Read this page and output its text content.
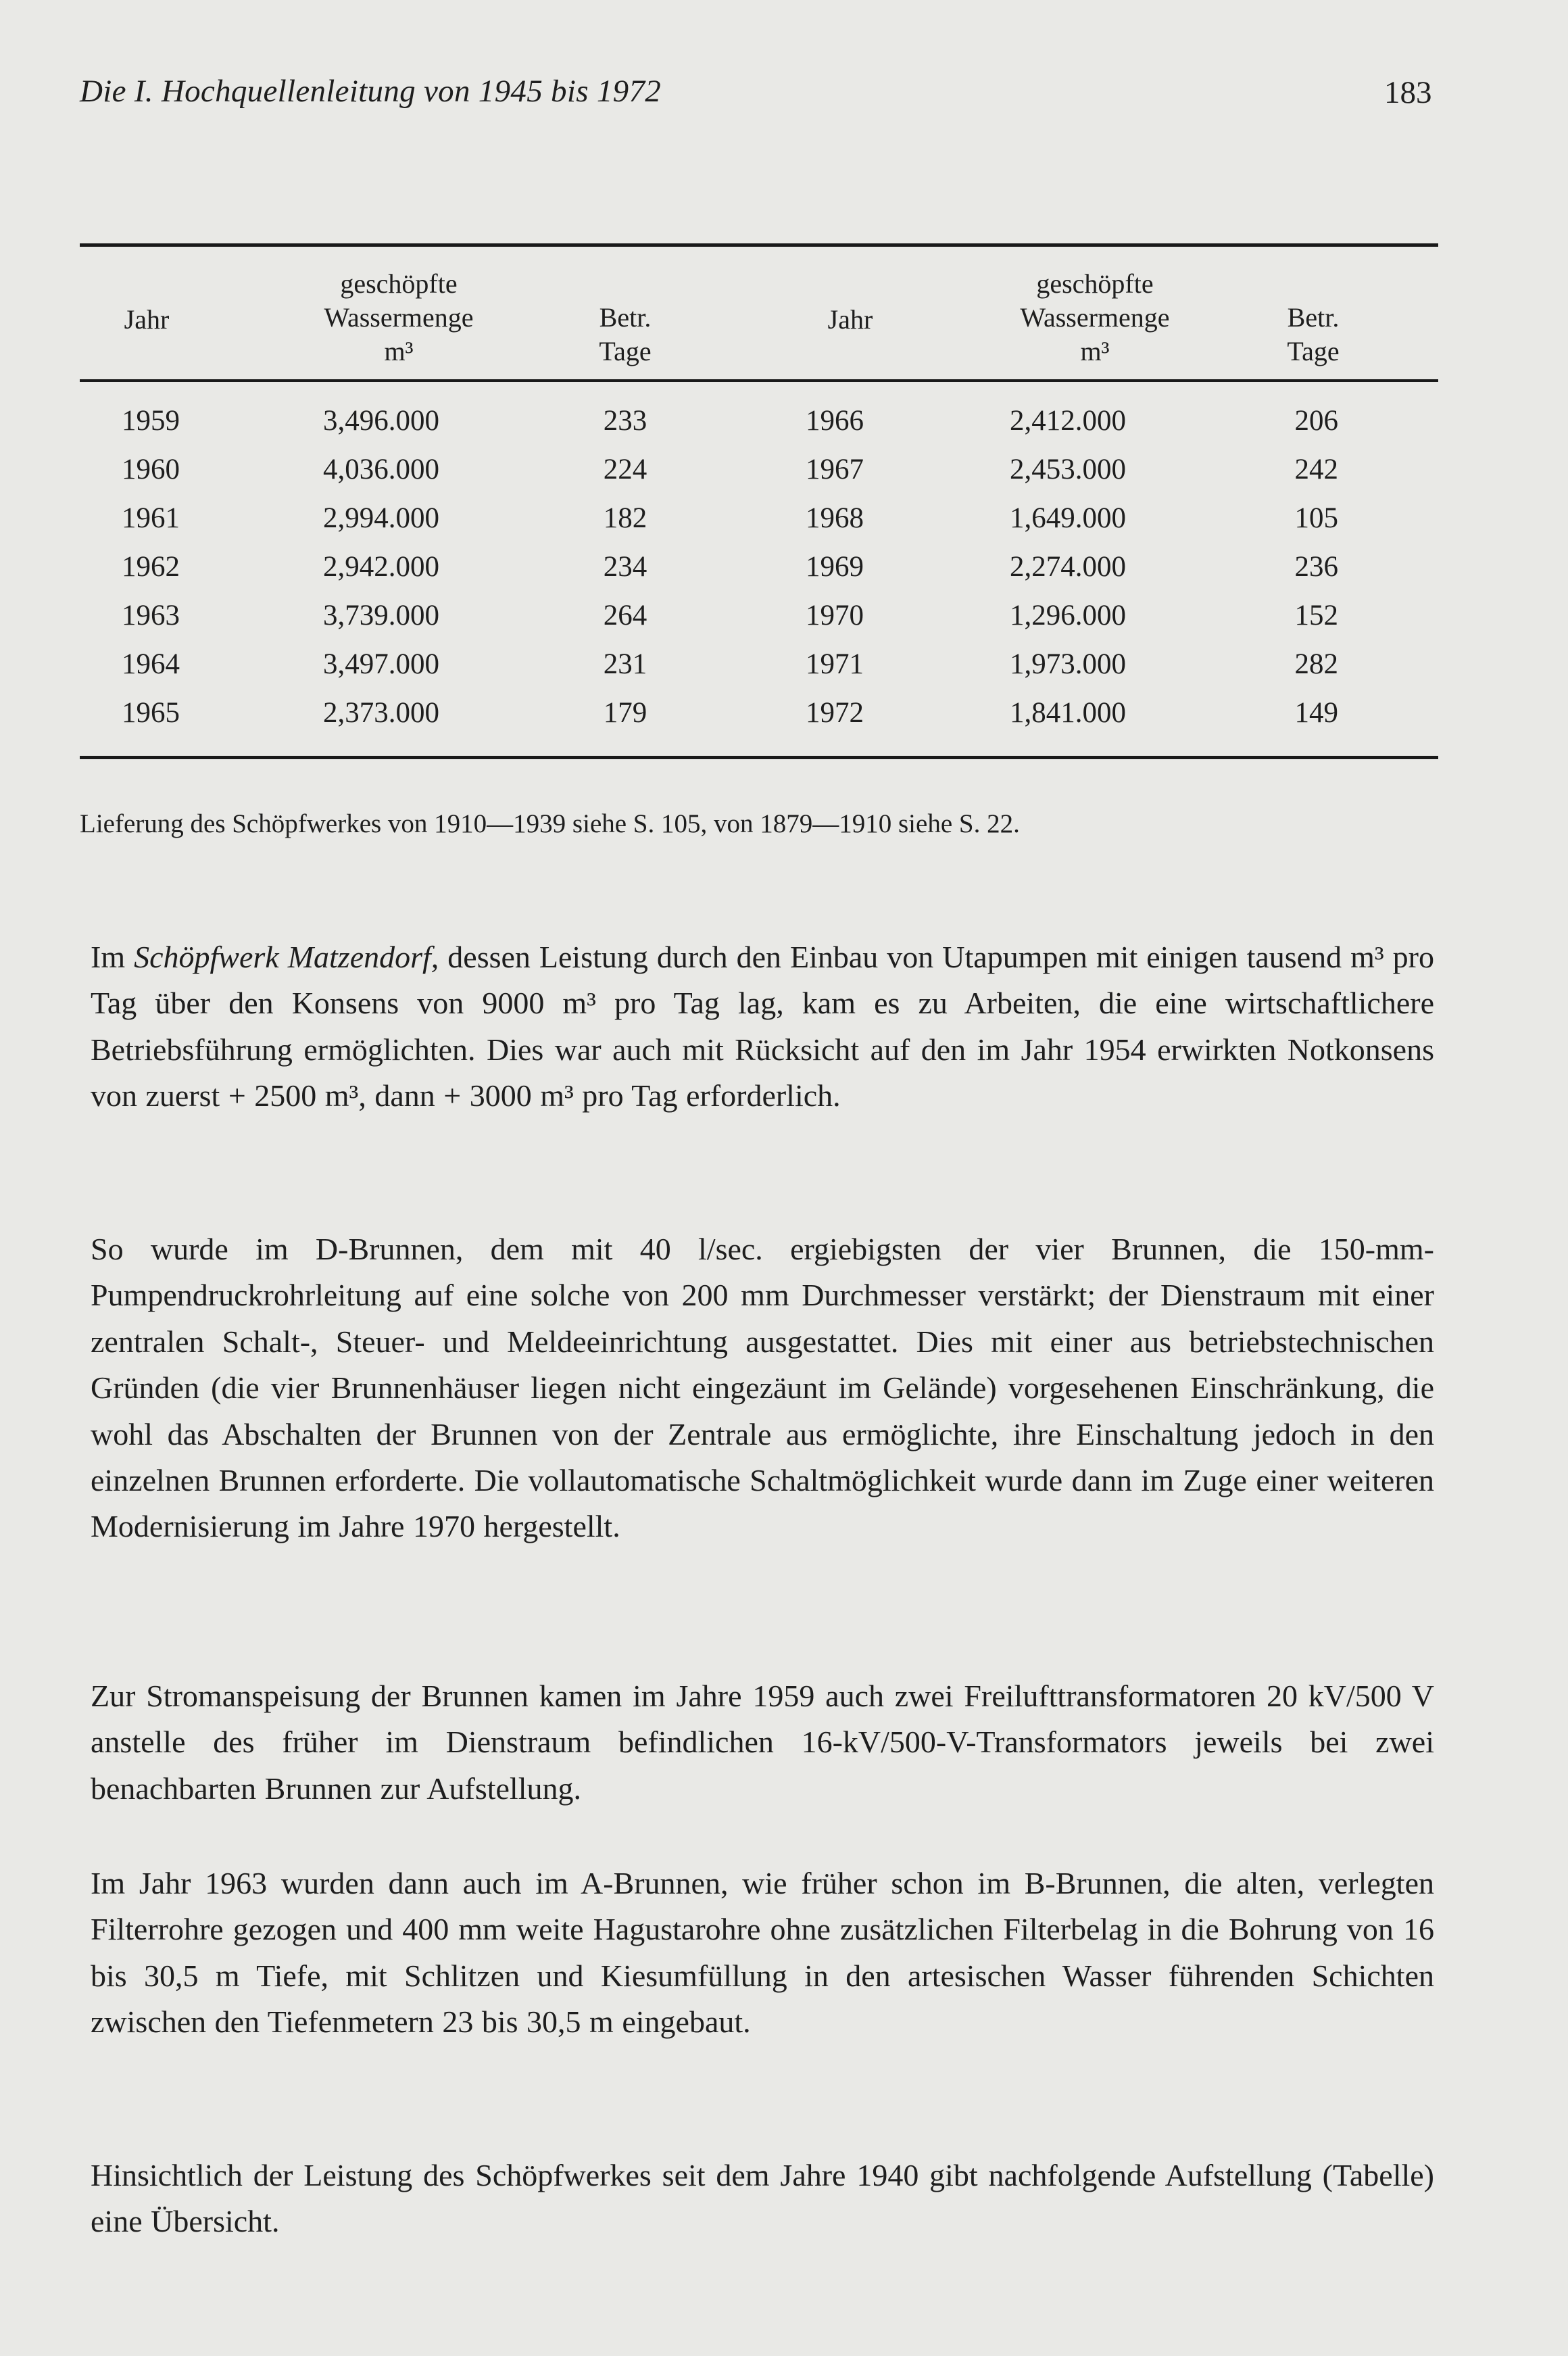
Die I. Hochquellenleitung von 1945 bis 1972	183
Jahr
geschöpfte
Wassermenge
m³
Betr.
Tage
Jahr
geschöpfte
Wassermenge
m³
Betr.
Tage
1959
1960
1961
1962
1963
1964
1965
3,496.000
4,036.000
2,994.000
2,942.000
3,739.000
3,497.000
2,373.000
233
224
182
234
264
231
179
1966
1967
1968
1969
1970
1971
1972
2,412.000
2,453.000
1,649.000
2,274.000
1,296.000
1,973.000
1,841.000
206
242
105
236
152
282
149
Lieferung des Schöpfwerkes von 1910—1939 siehe S. 105, von 1879—1910 siehe S. 22.

Im Schöpfwerk Matzendorf, dessen Leistung durch den Einbau von Utapumpen mit einigen tausend m³ pro Tag über den Konsens von 9000 m³ pro Tag lag, kam es zu Arbeiten, die eine wirtschaftlichere Betriebsführung ermöglichten. Dies war auch mit Rücksicht auf den im Jahr 1954 erwirkten Notkonsens von zuerst + 2500 m³, dann + 3000 m³ pro Tag erforderlich.

So wurde im D-Brunnen, dem mit 40 l/sec. ergiebigsten der vier Brunnen, die 150-mm-Pumpendruckrohrleitung auf eine solche von 200 mm Durchmesser verstärkt; der Dienstraum mit einer zentralen Schalt-, Steuer- und Meldeeinrichtung ausgestattet. Dies mit einer aus betriebstechnischen Gründen (die vier Brunnenhäuser liegen nicht eingezäunt im Gelände) vorgesehenen Einschränkung, die wohl das Abschalten der Brunnen von der Zentrale aus ermöglichte, ihre Einschaltung jedoch in den einzelnen Brunnen erforderte. Die vollautomatische Schaltmöglichkeit wurde dann im Zuge einer weiteren Modernisierung im Jahre 1970 hergestellt.

Zur Stromanspeisung der Brunnen kamen im Jahre 1959 auch zwei Freilufttransformatoren 20 kV/500 V anstelle des früher im Dienstraum befindlichen 16-kV/500-V-Transformators jeweils bei zwei benachbarten Brunnen zur Aufstellung.

Im Jahr 1963 wurden dann auch im A-Brunnen, wie früher schon im B-Brunnen, die alten, verlegten Filterrohre gezogen und 400 mm weite Hagustarohre ohne zusätzlichen Filterbelag in die Bohrung von 16 bis 30,5 m Tiefe, mit Schlitzen und Kiesumfüllung in den artesischen Wasser führenden Schichten zwischen den Tiefenmetern 23 bis 30,5 m eingebaut.

Hinsichtlich der Leistung des Schöpfwerkes seit dem Jahre 1940 gibt nachfolgende Aufstellung (Tabelle) eine Übersicht.
